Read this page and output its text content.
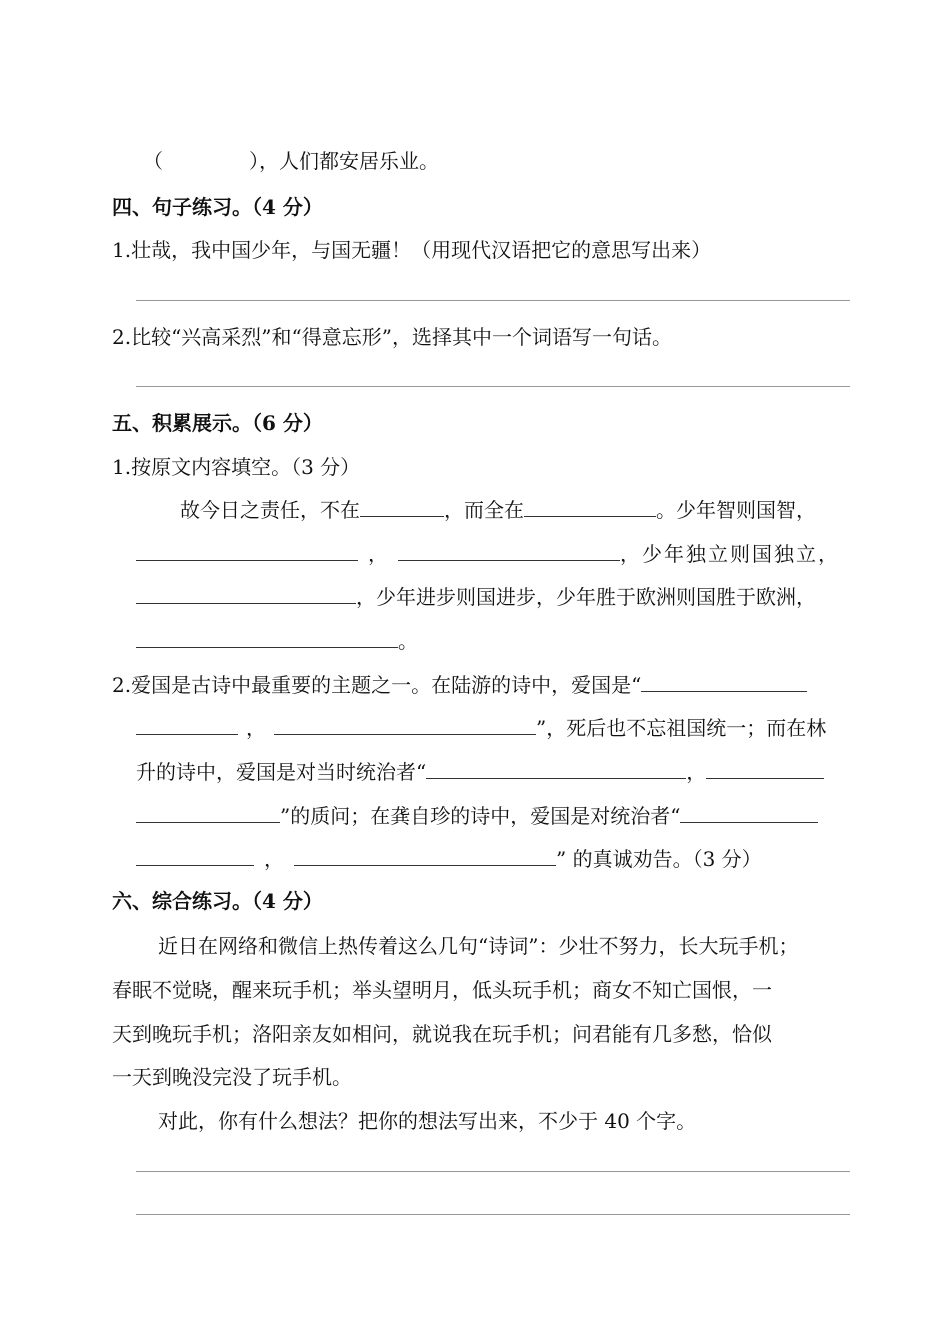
（	），人们都安居乐业。
四、句子练习。（4 分）
1.壮哉，我中国少年，与国无疆！（用现代汉语把它的意思写出来）
2.比较“兴高采烈”和“得意忘形”，选择其中一个词语写一句话。
五、积累展示。（6 分）
1.按原文内容填空。（3 分）
故今日之责任，不在	，而全在	。少年智则国智，
，	，少年独立则国独立，
，少年进步则国进步，少年胜于欧洲则国胜于欧洲，
。
2.爱国是古诗中最重要的主题之一。在陆游的诗中，爱国是“
，	”，死后也不忘祖国统一；而在林
升的诗中，爱国是对当时统治者“	，
”的质问；在龚自珍的诗中，爱国是对统治者“
，	” 的真诚劝告。（3 分）
六、综合练习。（4 分）
近日在网络和微信上热传着这么几句“诗词”：少壮不努力，长大玩手机；
春眠不觉晓，醒来玩手机；举头望明月，低头玩手机；商女不知亡国恨，一
天到晚玩手机；洛阳亲友如相问，就说我在玩手机；问君能有几多愁，恰似
一天到晚没完没了玩手机。
对此，你有什么想法？把你的想法写出来，不少于 40 个字。
